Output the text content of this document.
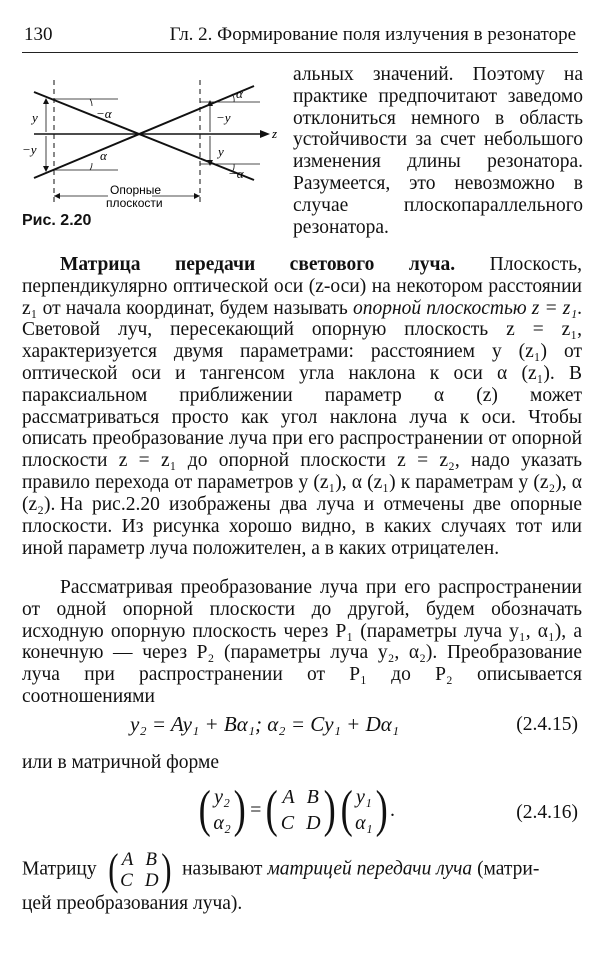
130	Гл. 2. Формирование поля излучения в резонаторе
z
y
−y
−y
y
−α
α
α
−α
Опорные
плоскости
Рис. 2.20
альных значений. Поэтому на практике предпочитают заведомо отклониться немного в область устойчивости за счет небольшого изменения длины резонатора. Разумеется, это невозможно в случае плоскопараллельного резонатора.
Матрица передачи светового луча. Плоскость, перпендикулярно оптической оси (z-оси) на некотором расстоянии z₁ от начала координат, будем называть опорной плоскостью z = z₁. Световой луч, пересекающий опорную плоскость z = z₁, характеризуется двумя параметрами: расстоянием y (z₁) от оптической оси и тангенсом угла наклона к оси α (z₁). В параксиальном приближении параметр α (z) может рассматриваться просто как угол наклона луча к оси. Чтобы описать преобразование луча при его распространении от опорной плоскости z = z₁ до опорной плоскости z = z₂, надо указать правило перехода от параметров y (z₁), α (z₁) к параметрам y (z₂), α (z₂). На рис.2.20 изображены два луча и отмечены две опорные плоскости. Из рисунка хорошо видно, в каких случаях тот или иной параметр луча положителен, а в каких отрицателен.
Рассматривая преобразование луча при его распространении от одной опорной плоскости до другой, будем обозначать исходную опорную плоскость через P₁ (параметры луча y₁, α₁), а конечную — через P₂ (параметры луча y₂, α₂). Преобразование луча при распространении от P₁ до P₂ описывается соотношениями
y₂ = Ay₁ + Bα₁; α₂ = Cy₁ + Dα₁	(2.4.15)
или в матричной форме
( y₂
α₂ ) = ( A B
C D ) ( y₁
α₁ ) .	(2.4.16)
Матрицу ( A B
C D ) называют матрицей передачи луча (матри-
цей преобразования луча).
